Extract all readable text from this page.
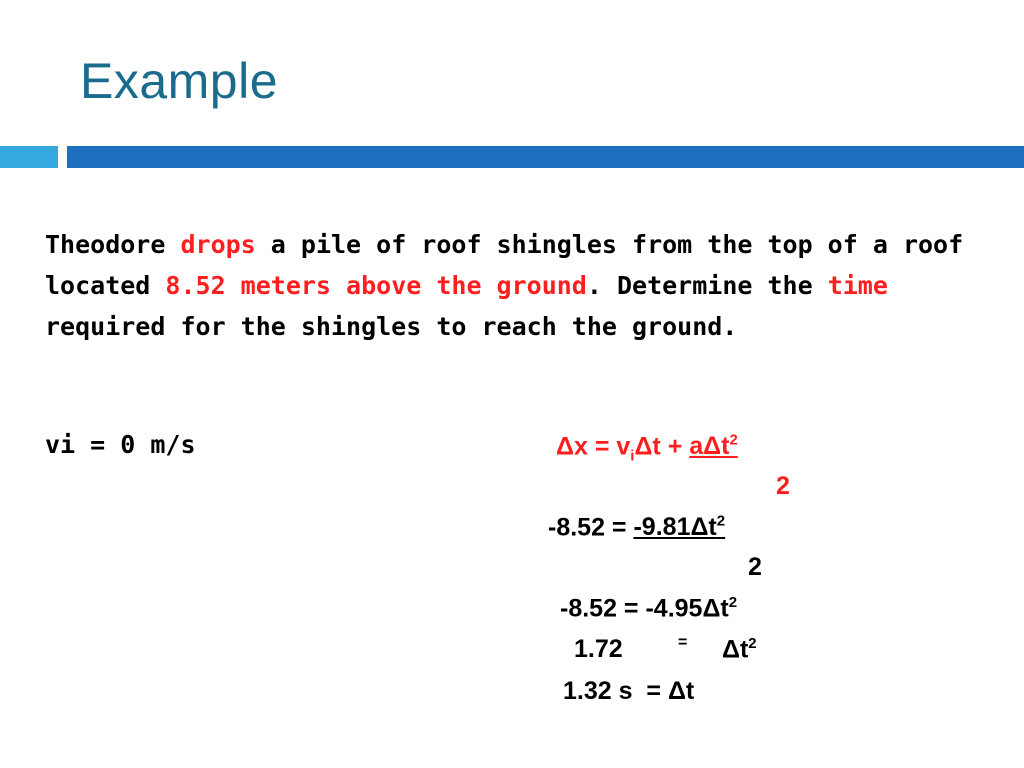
Example
Theodore drops a pile of roof shingles from the top of a roof located 8.52 meters above the ground. Determine the time required for the shingles to reach the ground.
vi = 0 m/s	$\Delta x = v_i\Delta t + a\Delta t^2$
2
$-8.52 = -9.81\Delta t^2$
2
$-8.52 = -4.95\Delta t^2$
1.72	= $\Delta t^2$
1.32 s  = Δt
